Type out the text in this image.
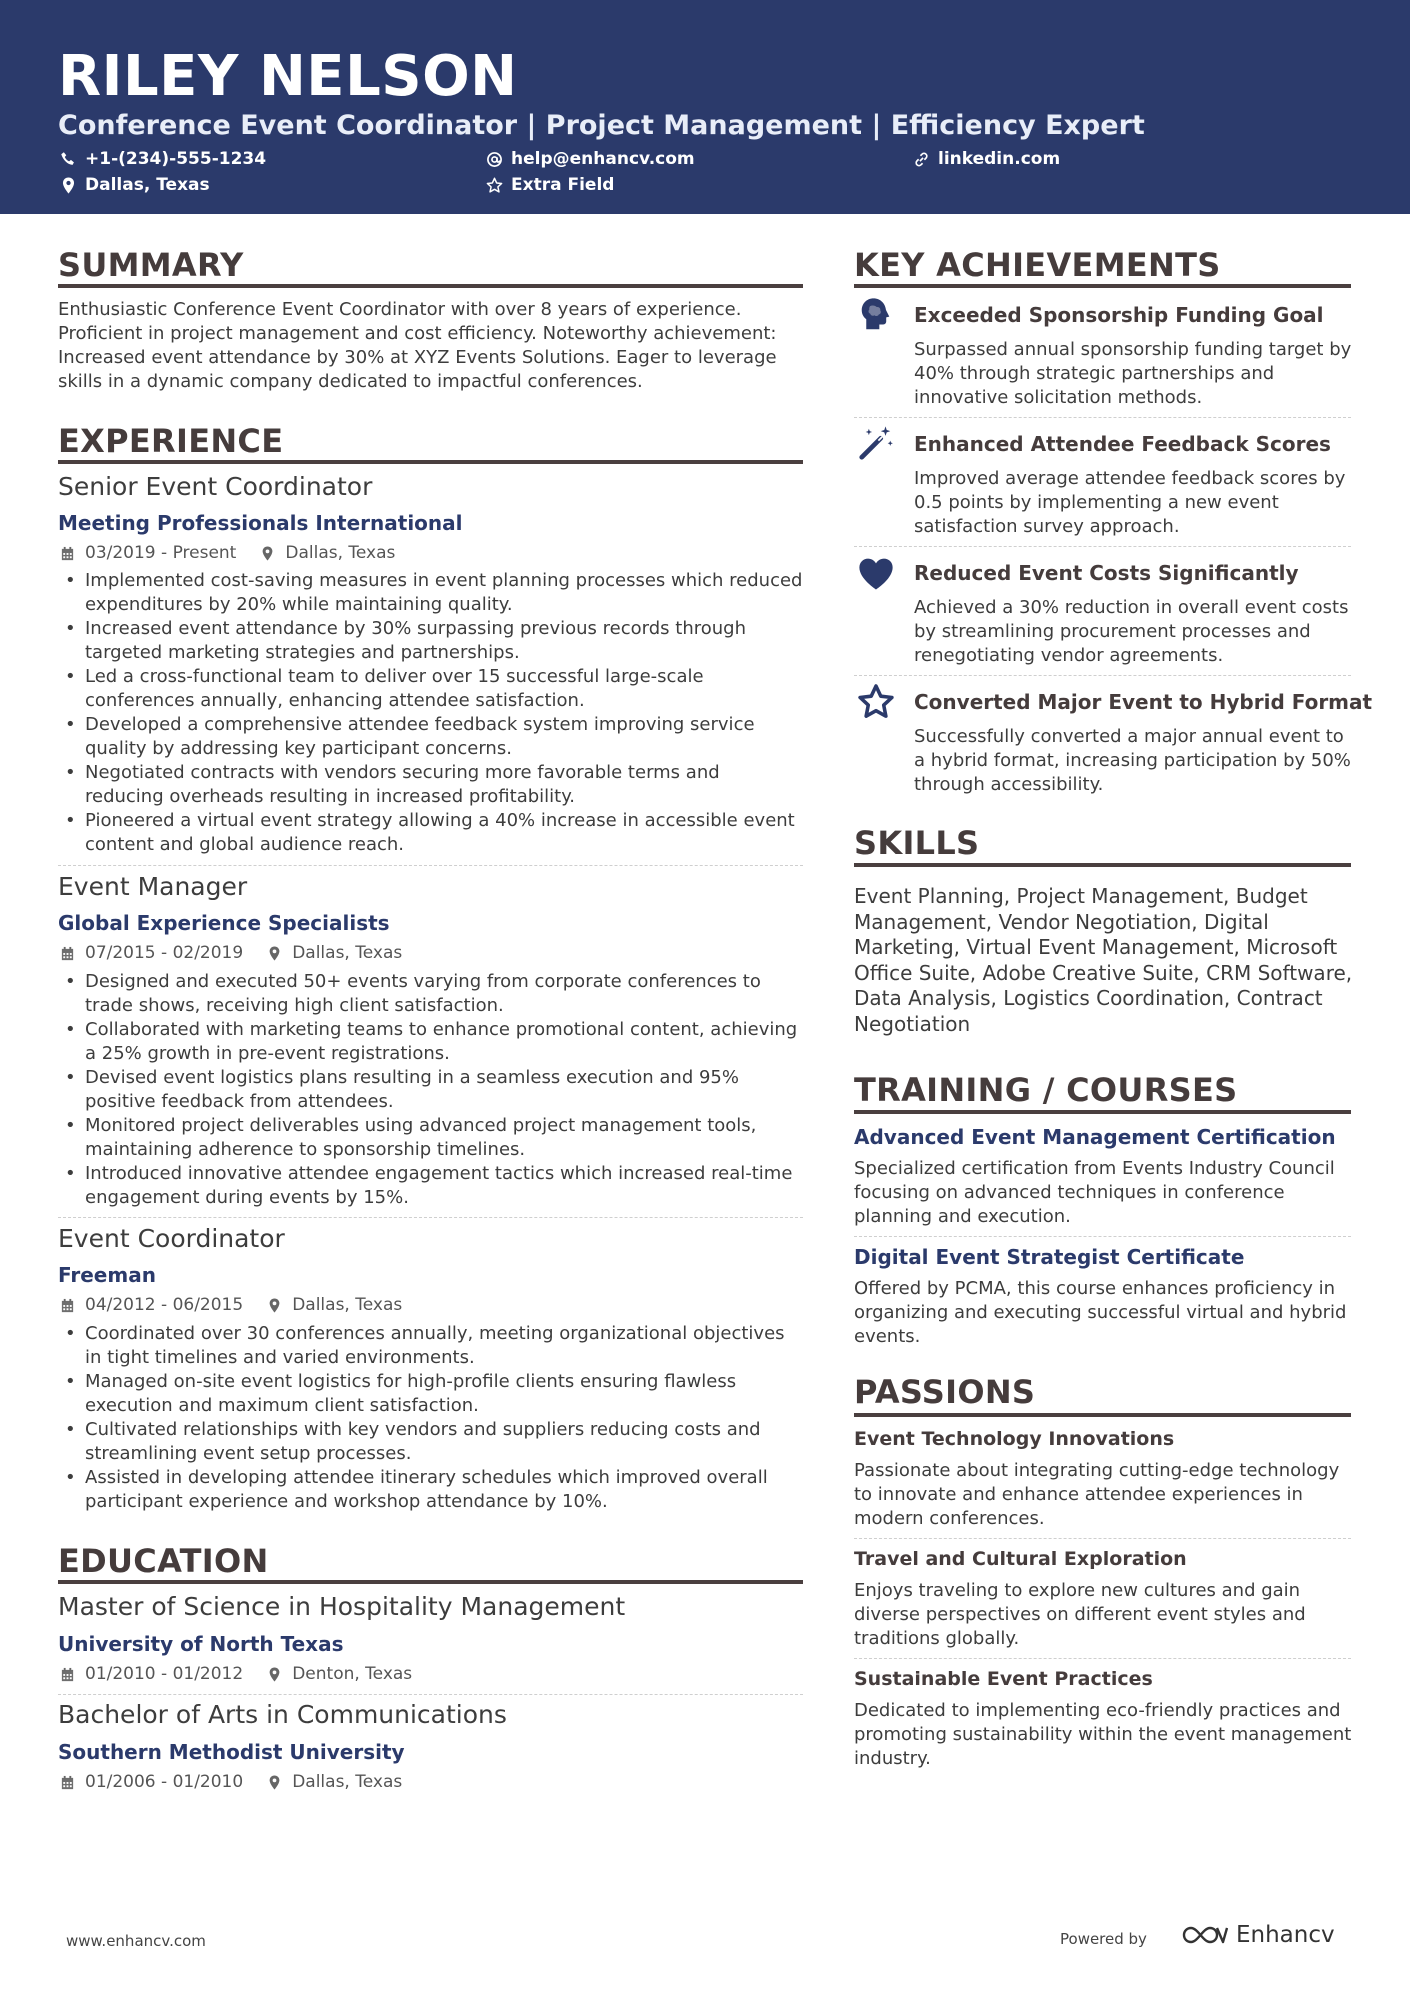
RILEY NELSON
Conference Event Coordinator | Project Management | Efficiency Expert
+1-(234)-555-1234	help@enhancv.com	linkedin.com
Dallas, Texas	Extra Field
SUMMARY
Enthusiastic Conference Event Coordinator with over 8 years of experience. Proficient in project management and cost efficiency. Noteworthy achievement: Increased event attendance by 30% at XYZ Events Solutions. Eager to leverage skills in a dynamic company dedicated to impactful conferences.
EXPERIENCE
Senior Event Coordinator
Meeting Professionals International
03/2019 - Present	Dallas, Texas
• Implemented cost-saving measures in event planning processes which reduced expenditures by 20% while maintaining quality.
• Increased event attendance by 30% surpassing previous records through targeted marketing strategies and partnerships.
• Led a cross-functional team to deliver over 15 successful large-scale conferences annually, enhancing attendee satisfaction.
• Developed a comprehensive attendee feedback system improving service quality by addressing key participant concerns.
• Negotiated contracts with vendors securing more favorable terms and reducing overheads resulting in increased profitability.
• Pioneered a virtual event strategy allowing a 40% increase in accessible event content and global audience reach.
Event Manager
Global Experience Specialists
07/2015 - 02/2019	Dallas, Texas
• Designed and executed 50+ events varying from corporate conferences to trade shows, receiving high client satisfaction.
• Collaborated with marketing teams to enhance promotional content, achieving a 25% growth in pre-event registrations.
• Devised event logistics plans resulting in a seamless execution and 95% positive feedback from attendees.
• Monitored project deliverables using advanced project management tools, maintaining adherence to sponsorship timelines.
• Introduced innovative attendee engagement tactics which increased real-time engagement during events by 15%.
Event Coordinator
Freeman
04/2012 - 06/2015	Dallas, Texas
• Coordinated over 30 conferences annually, meeting organizational objectives in tight timelines and varied environments.
• Managed on-site event logistics for high-profile clients ensuring flawless execution and maximum client satisfaction.
• Cultivated relationships with key vendors and suppliers reducing costs and streamlining event setup processes.
• Assisted in developing attendee itinerary schedules which improved overall participant experience and workshop attendance by 10%.
EDUCATION
Master of Science in Hospitality Management
University of North Texas
01/2010 - 01/2012	Denton, Texas
Bachelor of Arts in Communications
Southern Methodist University
01/2006 - 01/2010	Dallas, Texas
KEY ACHIEVEMENTS
Exceeded Sponsorship Funding Goal
Surpassed annual sponsorship funding target by 40% through strategic partnerships and innovative solicitation methods.
Enhanced Attendee Feedback Scores
Improved average attendee feedback scores by 0.5 points by implementing a new event satisfaction survey approach.
Reduced Event Costs Significantly
Achieved a 30% reduction in overall event costs by streamlining procurement processes and renegotiating vendor agreements.
Converted Major Event to Hybrid Format
Successfully converted a major annual event to a hybrid format, increasing participation by 50% through accessibility.
SKILLS
Event Planning, Project Management, Budget Management, Vendor Negotiation, Digital Marketing, Virtual Event Management, Microsoft Office Suite, Adobe Creative Suite, CRM Software, Data Analysis, Logistics Coordination, Contract Negotiation
TRAINING / COURSES
Advanced Event Management Certification
Specialized certification from Events Industry Council focusing on advanced techniques in conference planning and execution.
Digital Event Strategist Certificate
Offered by PCMA, this course enhances proficiency in organizing and executing successful virtual and hybrid events.
PASSIONS
Event Technology Innovations
Passionate about integrating cutting-edge technology to innovate and enhance attendee experiences in modern conferences.
Travel and Cultural Exploration
Enjoys traveling to explore new cultures and gain diverse perspectives on different event styles and traditions globally.
Sustainable Event Practices
Dedicated to implementing eco-friendly practices and promoting sustainability within the event management industry.
www.enhancv.com	Powered by	Enhancv
